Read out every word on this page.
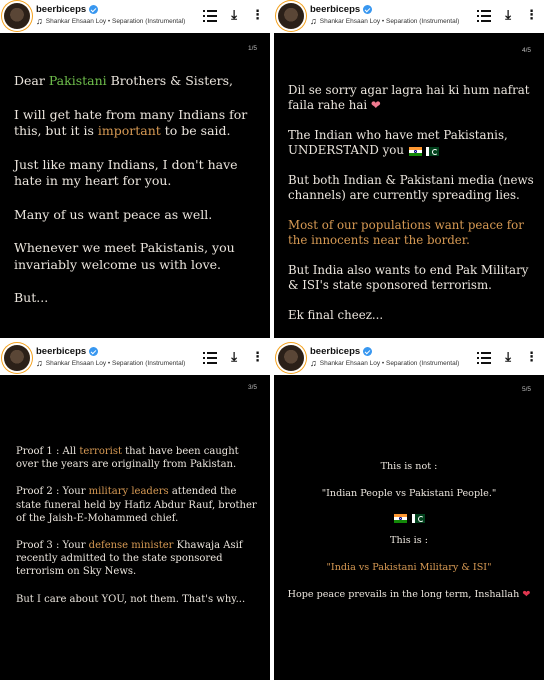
beerbiceps
♫ Shankar Ehsaan Loy • Separation (Instrumental)	⤓ ⋮
1/5

Dear Pakistani Brothers & Sisters,

I will get hate from many Indians for this, but it is important to be said.

Just like many Indians, I don't have hate in my heart for you.

Many of us want peace as well.

Whenever we meet Pakistanis, you invariably welcome us with love.

But...

beerbiceps
♫ Shankar Ehsaan Loy • Separation (Instrumental)	⤓ ⋮
4/5

Dil se sorry agar lagra hai ki hum nafrat faila rahe hai ❤

The Indian who have met Pakistanis, UNDERSTAND you

But both Indian & Pakistani media (news channels) are currently spreading lies.

Most of our populations want peace for the innocents near the border.

But India also wants to end Pak Military & ISI's state sponsored terrorism.

Ek final cheez...

beerbiceps
♫ Shankar Ehsaan Loy • Separation (Instrumental)	⤓ ⋮
3/5

Proof 1 : All terrorist that have been caught over the years are originally from Pakistan.

Proof 2 : Your military leaders attended the state funeral held by Hafiz Abdur Rauf, brother of the Jaish-E-Mohammed chief.

Proof 3 : Your defense minister Khawaja Asif recently admitted to the state sponsored terrorism on Sky News.

But I care about YOU, not them. That's why...

beerbiceps
♫ Shankar Ehsaan Loy • Separation (Instrumental)	⤓ ⋮
5/5

This is not :

"Indian People vs Pakistani People."

This is :

"India vs Pakistani Military & ISI"

Hope peace prevails in the long term, Inshallah ❤
